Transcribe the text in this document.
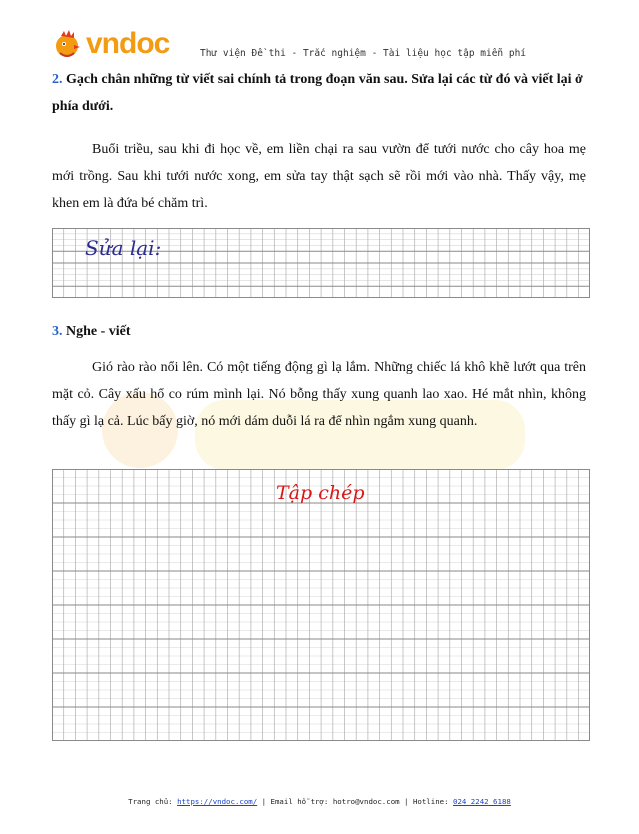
vndoc	Thư viện Đề thi - Trắc nghiệm - Tài liệu học tập miễn phí
2. Gạch chân những từ viết sai chính tả trong đoạn văn sau. Sửa lại các từ đó và viết lại ở phía dưới.
Buổi triều, sau khi đi học về, em liền chại ra sau vườn để tưới nước cho cây hoa mẹ mới trồng. Sau khi tưới nước xong, em sửa tay thật sạch sẽ rồi mới vào nhà. Thấy vậy, mẹ khen em là đứa bé chăm trì.
Sửa lại:
3. Nghe - viết
Gió rào rào nổi lên. Có một tiếng động gì lạ lắm. Những chiếc lá khô khẽ lướt qua trên mặt cỏ. Cây xấu hổ co rúm mình lại. Nó bỗng thấy xung quanh lao xao. Hé mắt nhìn, không thấy gì lạ cả. Lúc bấy giờ, nó mới dám duỗi lá ra để nhìn ngắm xung quanh.
Tập chép
Trang chủ: https://vndoc.com/ | Email hỗ trợ: hotro@vndoc.com | Hotline: 024 2242 6188
